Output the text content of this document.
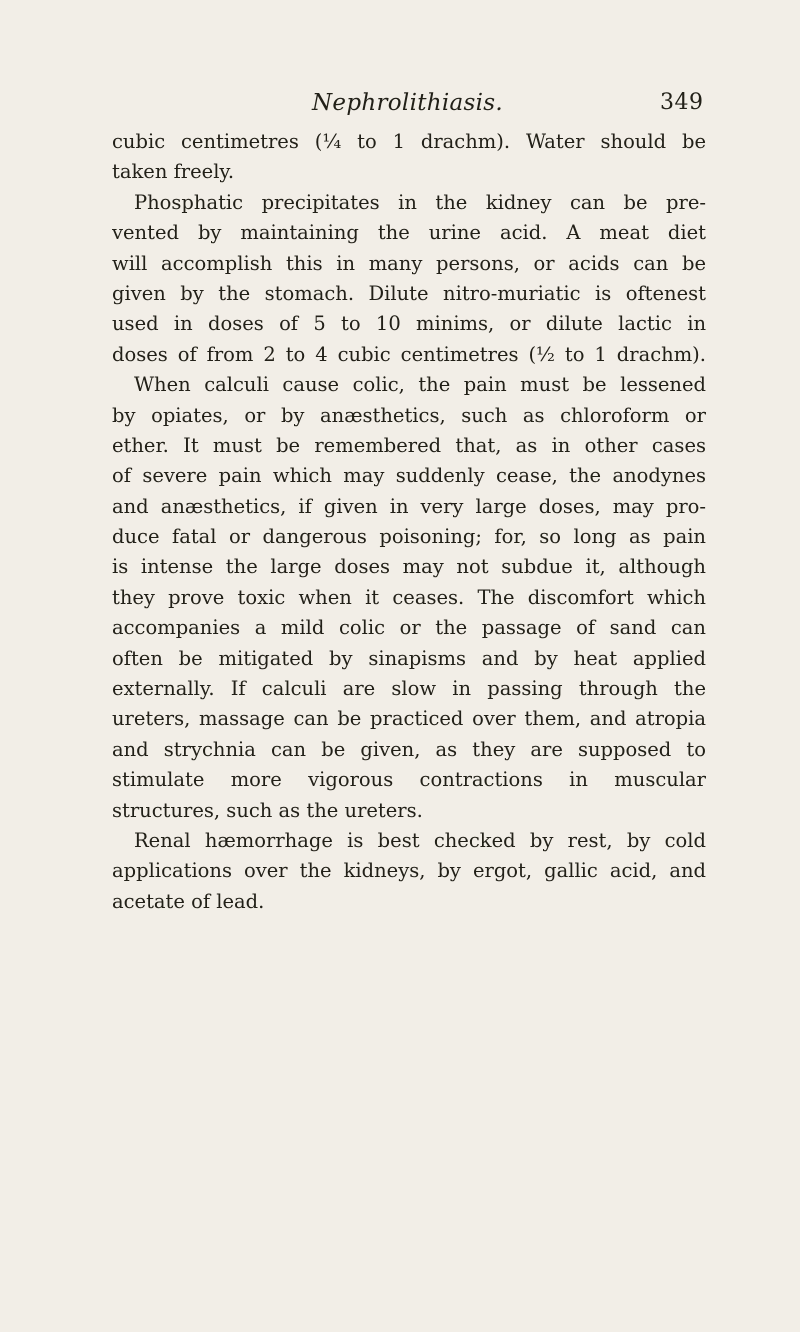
Nephrolithiasis.	349
cubic centimetres (¼ to 1 drachm). Water should be
taken freely.
Phosphatic precipitates in the kidney can be pre-
vented by maintaining the urine acid. A meat diet
will accomplish this in many persons, or acids can be
given by the stomach. Dilute nitro-muriatic is oftenest
used in doses of 5 to 10 minims, or dilute lactic in
doses of from 2 to 4 cubic centimetres (½ to 1 drachm).
When calculi cause colic, the pain must be lessened
by opiates, or by anæsthetics, such as chloroform or
ether. It must be remembered that, as in other cases
of severe pain which may suddenly cease, the anodynes
and anæsthetics, if given in very large doses, may pro-
duce fatal or dangerous poisoning; for, so long as pain
is intense the large doses may not subdue it, although
they prove toxic when it ceases. The discomfort which
accompanies a mild colic or the passage of sand can
often be mitigated by sinapisms and by heat applied
externally. If calculi are slow in passing through the
ureters, massage can be practiced over them, and atropia
and strychnia can be given, as they are supposed to
stimulate more vigorous contractions in muscular
structures, such as the ureters.
Renal hæmorrhage is best checked by rest, by cold
applications over the kidneys, by ergot, gallic acid, and
acetate of lead.
